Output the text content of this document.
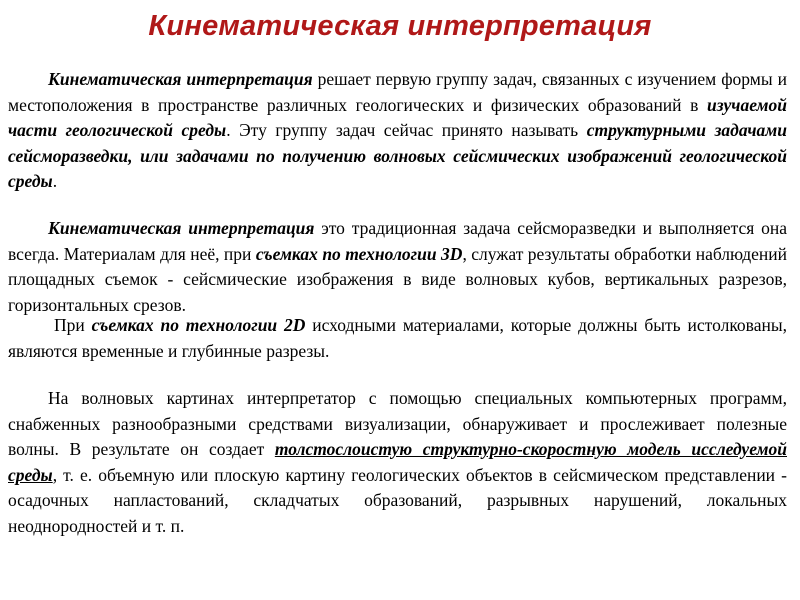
Кинематическая интерпретация
Кинематическая интерпретация решает первую группу задач, связанных с изучением формы и местоположения в пространстве различных геологических и физических образований в изучаемой части геологической среды. Эту группу задач сейчас принято называть структурными задачами сейсморазведки, или задачами по получению волновых сейсмических изображений геологической среды.
Кинематическая интерпретация это традиционная задача сейсморазведки и выполняется она всегда. Материалам для неё, при съемках по технологии 3D, служат результаты обработки наблюдений площадных съемок - сейсмические изображения в виде волновых кубов, вертикальных разрезов, горизонтальных срезов.
При съемках по технологии 2D исходными материалами, которые должны быть истолкованы, являются временные и глубинные разрезы.
На волновых картинах интерпретатор с помощью специальных компьютерных программ, снабженных разнообразными средствами визуализации, обнаруживает и прослеживает полезные волны. В результате он создает толстослоистую структурно-скоростную модель исследуемой среды, т. е. объемную или плоскую картину геологических объектов в сейсмическом представлении - осадочных напластований, складчатых образований, разрывных нарушений, локальных неоднородностей и т. п.
